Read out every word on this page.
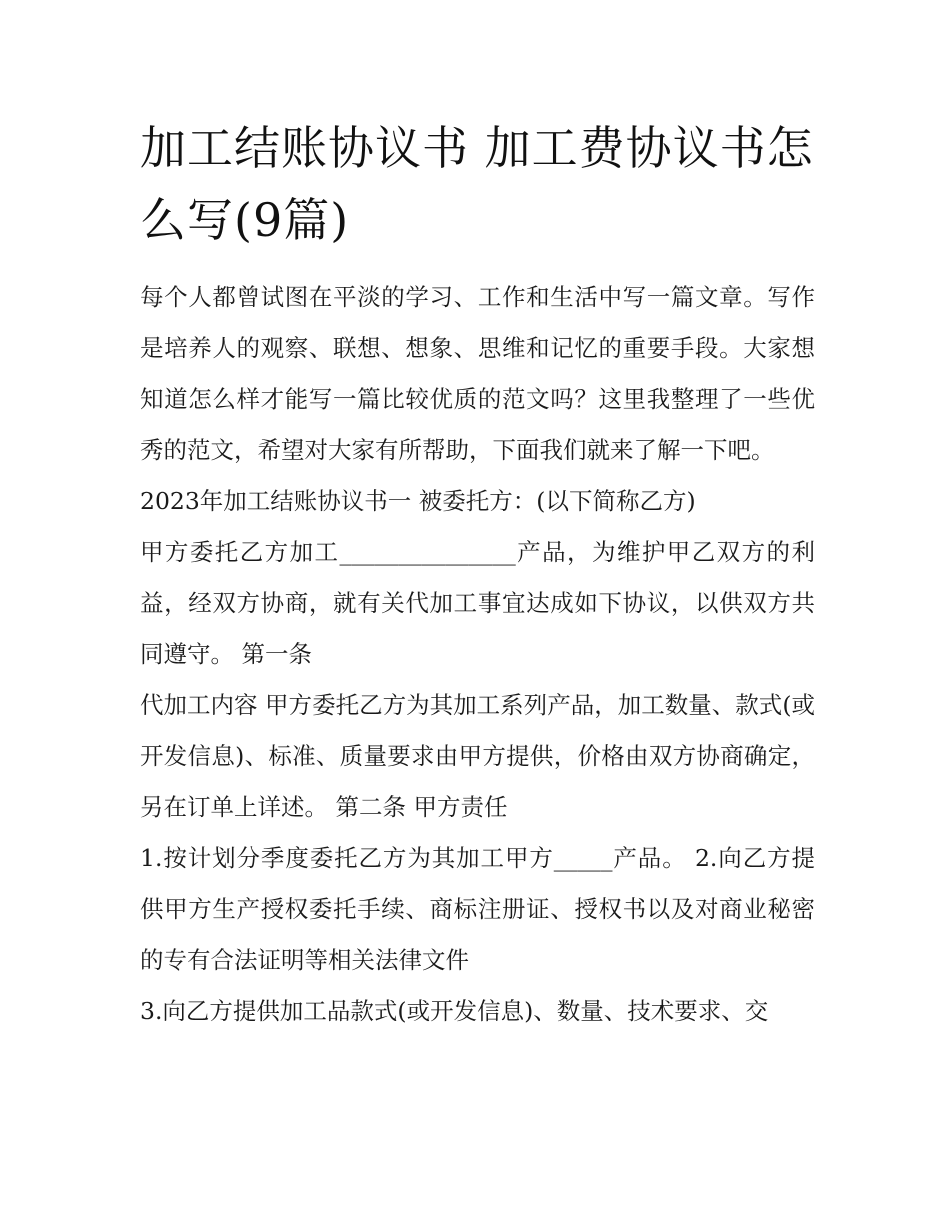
加工结账协议书 加工费协议书怎么写(9篇)

每个人都曾试图在平淡的学习、工作和生活中写一篇文章。写作是培养人的观察、联想、想象、思维和记忆的重要手段。大家想知道怎么样才能写一篇比较优质的范文吗？这里我整理了一些优秀的范文，希望对大家有所帮助，下面我们就来了解一下吧。

2023年加工结账协议书一 被委托方：(以下简称乙方)

甲方委托乙方加工_______________产品，为维护甲乙双方的利益，经双方协商，就有关代加工事宜达成如下协议，以供双方共同遵守。 第一条

代加工内容 甲方委托乙方为其加工系列产品，加工数量、款式(或开发信息)、标准、质量要求由甲方提供，价格由双方协商确定，另在订单上详述。 第二条 甲方责任

1.按计划分季度委托乙方为其加工甲方_____产品。 2.向乙方提供甲方生产授权委托手续、商标注册证、授权书以及对商业秘密的专有合法证明等相关法律文件

3.向乙方提供加工品款式(或开发信息)、数量、技术要求、交
